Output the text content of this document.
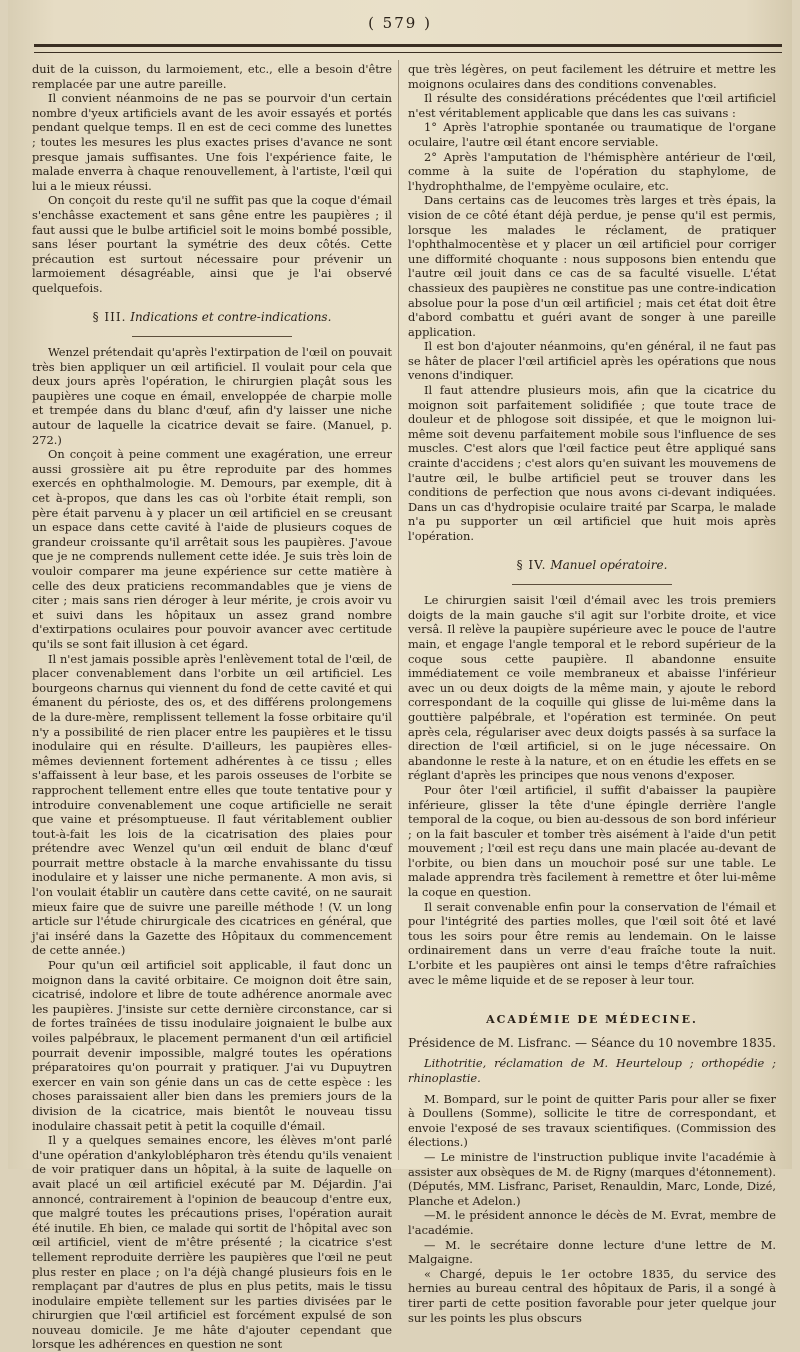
( 579 )

duit de la cuisson, du larmoiement, etc., elle a besoin d'être remplacée par une autre pareille.

Il convient néanmoins de ne pas se pourvoir d'un certain nombre d'yeux artificiels avant de les avoir essayés et portés pendant quelque temps. Il en est de ceci comme des lunettes ; toutes les mesures les plus exactes prises d'avance ne sont presque jamais suffisantes. Une fois l'expérience faite, le malade enverra à chaque renouvellement, à l'artiste, l'œil qui lui a le mieux réussi.

On conçoit du reste qu'il ne suffit pas que la coque d'émail s'enchâsse exactement et sans gêne entre les paupières ; il faut aussi que le bulbe artificiel soit le moins bombé possible, sans léser pourtant la symétrie des deux côtés. Cette précaution est surtout nécessaire pour prévenir un larmoiement désagréable, ainsi que je l'ai observé quelquefois.

§ III. Indications et contre-indications.

Wenzel prétendait qu'après l'extirpation de l'œil on pouvait très bien appliquer un œil artificiel. Il voulait pour cela que deux jours après l'opération, le chirurgien plaçât sous les paupières une coque en émail, enveloppée de charpie molle et trempée dans du blanc d'œuf, afin d'y laisser une niche autour de laquelle la cicatrice devait se faire. (Manuel, p. 272.)

On conçoit à peine comment une exagération, une erreur aussi grossière ait pu être reproduite par des hommes exercés en ophthalmologie. M. Demours, par exemple, dit à cet à-propos, que dans les cas où l'orbite était rempli, son père était parvenu à y placer un œil artificiel en se creusant un espace dans cette cavité à l'aide de plusieurs coques de grandeur croissante qu'il arrêtait sous les paupières. J'avoue que je ne comprends nullement cette idée. Je suis très loin de vouloir comparer ma jeune expérience sur cette matière à celle des deux praticiens recommandables que je viens de citer ; mais sans rien déroger à leur mérite, je crois avoir vu et suivi dans les hôpitaux un assez grand nombre d'extirpations oculaires pour pouvoir avancer avec certitude qu'ils se sont fait illusion à cet égard.

Il n'est jamais possible après l'enlèvement total de l'œil, de placer convenablement dans l'orbite un œil artificiel. Les bourgeons charnus qui viennent du fond de cette cavité et qui émanent du périoste, des os, et des différens prolongemens de la dure-mère, remplissent tellement la fosse orbitaire qu'il n'y a possibilité de rien placer entre les paupières et le tissu inodulaire qui en résulte. D'ailleurs, les paupières elles-mêmes deviennent fortement adhérentes à ce tissu ; elles s'affaissent à leur base, et les parois osseuses de l'orbite se rapprochent tellement entre elles que toute tentative pour y introduire convenablement une coque artificielle ne serait que vaine et présomptueuse. Il faut véritablement oublier tout-à-fait les lois de la cicatrisation des plaies pour prétendre avec Wenzel qu'un œil enduit de blanc d'œuf pourrait mettre obstacle à la marche envahissante du tissu inodulaire et y laisser une niche permanente. A mon avis, si l'on voulait établir un cautère dans cette cavité, on ne saurait mieux faire que de suivre une pareille méthode ! (V. un long article sur l'étude chirurgicale des cicatrices en général, que j'ai inséré dans la Gazette des Hôpitaux du commencement de cette année.)

Pour qu'un œil artificiel soit applicable, il faut donc un moignon dans la cavité orbitaire. Ce moignon doit être sain, cicatrisé, indolore et libre de toute adhérence anormale avec les paupières. J'insiste sur cette dernière circonstance, car si de fortes traînées de tissu inodulaire joignaient le bulbe aux voiles palpébraux, le placement permanent d'un œil artificiel pourrait devenir impossible, malgré toutes les opérations préparatoires qu'on pourrait y pratiquer. J'ai vu Dupuytren exercer en vain son génie dans un cas de cette espèce : les choses paraissaient aller bien dans les premiers jours de la division de la cicatrice, mais bientôt le nouveau tissu inodulaire chassait petit à petit la coquille d'émail.

Il y a quelques semaines encore, les élèves m'ont parlé d'une opération d'ankyloblépharon très étendu qu'ils venaient de voir pratiquer dans un hôpital, à la suite de laquelle on avait placé un œil artificiel exécuté par M. Déjardin. J'ai annoncé, contrairement à l'opinion de beaucoup d'entre eux, que malgré toutes les précautions prises, l'opération aurait été inutile. Eh bien, ce malade qui sortit de l'hôpital avec son œil artificiel, vient de m'être présenté ; la cicatrice s'est tellement reproduite derrière les paupières que l'œil ne peut plus rester en place ; on l'a déjà changé plusieurs fois en le remplaçant par d'autres de plus en plus petits, mais le tissu inodulaire empiète tellement sur les parties divisées par le chirurgien que l'œil artificiel est forcément expulsé de son nouveau domicile. Je me hâte d'ajouter cependant que lorsque les adhérences en question ne sont

que très légères, on peut facilement les détruire et mettre les moignons oculaires dans des conditions convenables.

Il résulte des considérations précédentes que l'œil artificiel n'est véritablement applicable que dans les cas suivans :

1° Après l'atrophie spontanée ou traumatique de l'organe oculaire, l'autre œil étant encore serviable.

2° Après l'amputation de l'hémisphère antérieur de l'œil, comme à la suite de l'opération du staphylome, de l'hydrophthalme, de l'empyème oculaire, etc.

Dans certains cas de leucomes très larges et très épais, la vision de ce côté étant déjà perdue, je pense qu'il est permis, lorsque les malades le réclament, de pratiquer l'ophthalmocentèse et y placer un œil artificiel pour corriger une difformité choquante : nous supposons bien entendu que l'autre œil jouit dans ce cas de sa faculté visuelle. L'état chassieux des paupières ne constitue pas une contre-indication absolue pour la pose d'un œil artificiel ; mais cet état doit être d'abord combattu et guéri avant de songer à une pareille application.

Il est bon d'ajouter néanmoins, qu'en général, il ne faut pas se hâter de placer l'œil artificiel après les opérations que nous venons d'indiquer.

Il faut attendre plusieurs mois, afin que la cicatrice du moignon soit parfaitement solidifiée ; que toute trace de douleur et de phlogose soit dissipée, et que le moignon lui-même soit devenu parfaitement mobile sous l'influence de ses muscles. C'est alors que l'œil factice peut être appliqué sans crainte d'accidens ; c'est alors qu'en suivant les mouvemens de l'autre œil, le bulbe artificiel peut se trouver dans les conditions de perfection que nous avons ci-devant indiquées. Dans un cas d'hydropisie oculaire traité par Scarpa, le malade n'a pu supporter un œil artificiel que huit mois après l'opération.

§ IV. Manuel opératoire.

Le chirurgien saisit l'œil d'émail avec les trois premiers doigts de la main gauche s'il agit sur l'orbite droite, et vice versâ. Il relève la paupière supérieure avec le pouce de l'autre main, et engage l'angle temporal et le rebord supérieur de la coque sous cette paupière. Il abandonne ensuite immédiatement ce voile membraneux et abaisse l'inférieur avec un ou deux doigts de la même main, y ajoute le rebord correspondant de la coquille qui glisse de lui-même dans la gouttière palpébrale, et l'opération est terminée. On peut après cela, régulariser avec deux doigts passés à sa surface la direction de l'œil artificiel, si on le juge nécessaire. On abandonne le reste à la nature, et on en étudie les effets en se réglant d'après les principes que nous venons d'exposer.

Pour ôter l'œil artificiel, il suffit d'abaisser la paupière inférieure, glisser la tête d'une épingle derrière l'angle temporal de la coque, ou bien au-dessous de son bord inférieur ; on la fait basculer et tomber très aisément à l'aide d'un petit mouvement ; l'œil est reçu dans une main placée au-devant de l'orbite, ou bien dans un mouchoir posé sur une table. Le malade apprendra très facilement à remettre et ôter lui-même la coque en question.

Il serait convenable enfin pour la conservation de l'émail et pour l'intégrité des parties molles, que l'œil soit ôté et lavé tous les soirs pour être remis au lendemain. On le laisse ordinairement dans un verre d'eau fraîche toute la nuit. L'orbite et les paupières ont ainsi le temps d'être rafraîchies avec le même liquide et de se reposer à leur tour.

ACADÉMIE DE MÉDECINE.

Présidence de M. Lisfranc. — Séance du 10 novembre 1835.

Lithotritie, réclamation de M. Heurteloup ; orthopédie ; rhinoplastie.

M. Bompard, sur le point de quitter Paris pour aller se fixer à Doullens (Somme), sollicite le titre de correspondant, et envoie l'exposé de ses travaux scientifiques. (Commission des élections.)

— Le ministre de l'instruction publique invite l'académie à assister aux obsèques de M. de Rigny (marques d'étonnement). (Députés, MM. Lisfranc, Pariset, Renauldin, Marc, Londe, Dizé, Planche et Adelon.)

—M. le président annonce le décès de M. Evrat, membre de l'académie.

— M. le secrétaire donne lecture d'une lettre de M. Malgaigne.

« Chargé, depuis le 1er octobre 1835, du service des hernies au bureau central des hôpitaux de Paris, il a songé à tirer parti de cette position favorable pour jeter quelque jour sur les points les plus obscurs
